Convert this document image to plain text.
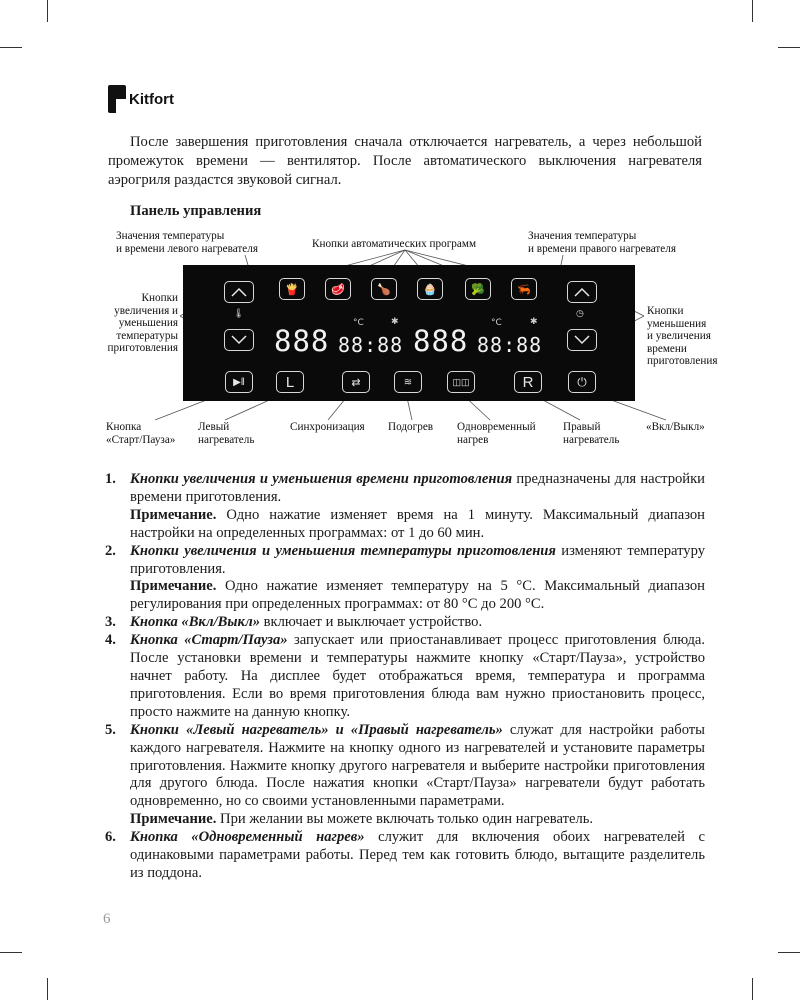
Kitfort

После завершения приготовления сначала отключается нагреватель, а через небольшой промежуток времени — вентилятор. После автоматического выключения нагревателя аэрогриля раздастся звуковой сигнал.

Панель управления

Значения температуры
и времени левого нагревателя	Кнопки автоматических программ
Значения температуры
и времени правого нагревателя
Кнопки
увеличения и
уменьшения
температуры
приготовления
Кнопки
уменьшения
и увеличения
времени
приготовления
Кнопка
«Старт/Пауза»
Левый
нагреватель
Синхронизация Подогрев Одновременный
нагрев
Правый
нагреватель
«Вкл/Выкл»
🌡
🍟	🥩	🍗	🧁	🥦	🦐
°C	✱	°C	✱
888 88:88 888 88:88
◷
▶‖	L	⇄	≋	◫◫	R	⏻
1. Кнопки увеличения и уменьшения времени приготовления предназначены для настройки времени приготовления.
Примечание. Одно нажатие изменяет время на 1 минуту. Максимальный диапазон настройки на определенных программах: от 1 до 60 мин.
2. Кнопки увеличения и уменьшения температуры приготовления изменяют температуру приготовления.
Примечание. Одно нажатие изменяет температуру на 5 °C. Максимальный диапазон регулирования при определенных программах: от 80 °C до 200 °C.
3. Кнопка «Вкл/Выкл» включает и выключает устройство.
4. Кнопка «Старт/Пауза» запускает или приостанавливает процесс приготовления блюда. После установки времени и температуры нажмите кнопку «Старт/Пауза», устройство начнет работу. На дисплее будет отображаться время, температура и программа приготовления. Если во время приготовления блюда вам нужно приостановить процесс, просто нажмите на данную кнопку.
5. Кнопки «Левый нагреватель» и «Правый нагреватель» служат для настройки работы каждого нагревателя. Нажмите на кнопку одного из нагревателей и установите параметры приготовления. Нажмите кнопку другого нагревателя и выберите настройки приготовления для другого блюда. После нажатия кнопки «Старт/Пауза» нагреватели будут работать одновременно, но со своими установленными параметрами.
Примечание. При желании вы можете включать только один нагреватель.
6. Кнопка «Одновременный нагрев» служит для включения обоих нагревателей с одинаковыми параметрами работы. Перед тем как готовить блюдо, вытащите разделитель из поддона.
6
